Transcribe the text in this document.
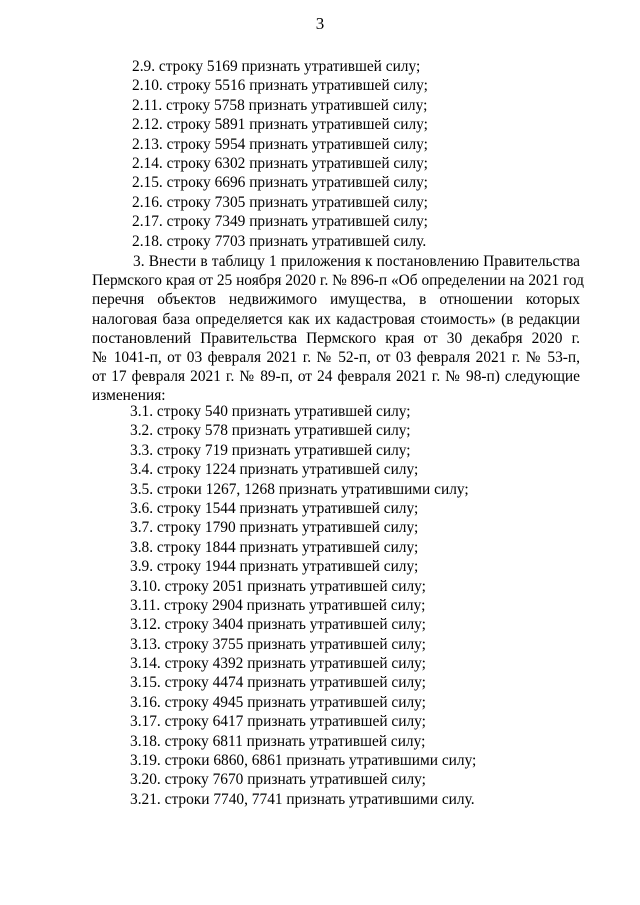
3
2.9. строку 5169 признать утратившей силу;
2.10. строку 5516 признать утратившей силу;
2.11. строку 5758 признать утратившей силу;
2.12. строку 5891 признать утратившей силу;
2.13. строку 5954 признать утратившей силу;
2.14. строку 6302 признать утратившей силу;
2.15. строку 6696 признать утратившей силу;
2.16. строку 7305 признать утратившей силу;
2.17. строку 7349 признать утратившей силу;
2.18. строку 7703 признать утратившей силу.
3. Внести в таблицу 1 приложения к постановлению Правительства
Пермского края от 25 ноября 2020 г. № 896-п «Об определении на 2021 год
перечня объектов недвижимого имущества, в отношении которых
налоговая база определяется как их кадастровая стоимость» (в редакции
постановлений Правительства Пермского края от 30 декабря 2020 г.
№ 1041-п, от 03 февраля 2021 г. № 52-п, от 03 февраля 2021 г. № 53-п,
от 17 февраля 2021 г. № 89-п, от 24 февраля 2021 г. № 98-п) следующие
изменения:
3.1. строку 540 признать утратившей силу;
3.2. строку 578 признать утратившей силу;
3.3. строку 719 признать утратившей силу;
3.4. строку 1224 признать утратившей силу;
3.5. строки 1267, 1268 признать утратившими силу;
3.6. строку 1544 признать утратившей силу;
3.7. строку 1790 признать утратившей силу;
3.8. строку 1844 признать утратившей силу;
3.9. строку 1944 признать утратившей силу;
3.10. строку 2051 признать утратившей силу;
3.11. строку 2904 признать утратившей силу;
3.12. строку 3404 признать утратившей силу;
3.13. строку 3755 признать утратившей силу;
3.14. строку 4392 признать утратившей силу;
3.15. строку 4474 признать утратившей силу;
3.16. строку 4945 признать утратившей силу;
3.17. строку 6417 признать утратившей силу;
3.18. строку 6811 признать утратившей силу;
3.19. строки 6860, 6861 признать утратившими силу;
3.20. строку 7670 признать утратившей силу;
3.21. строки 7740, 7741 признать утратившими силу.
